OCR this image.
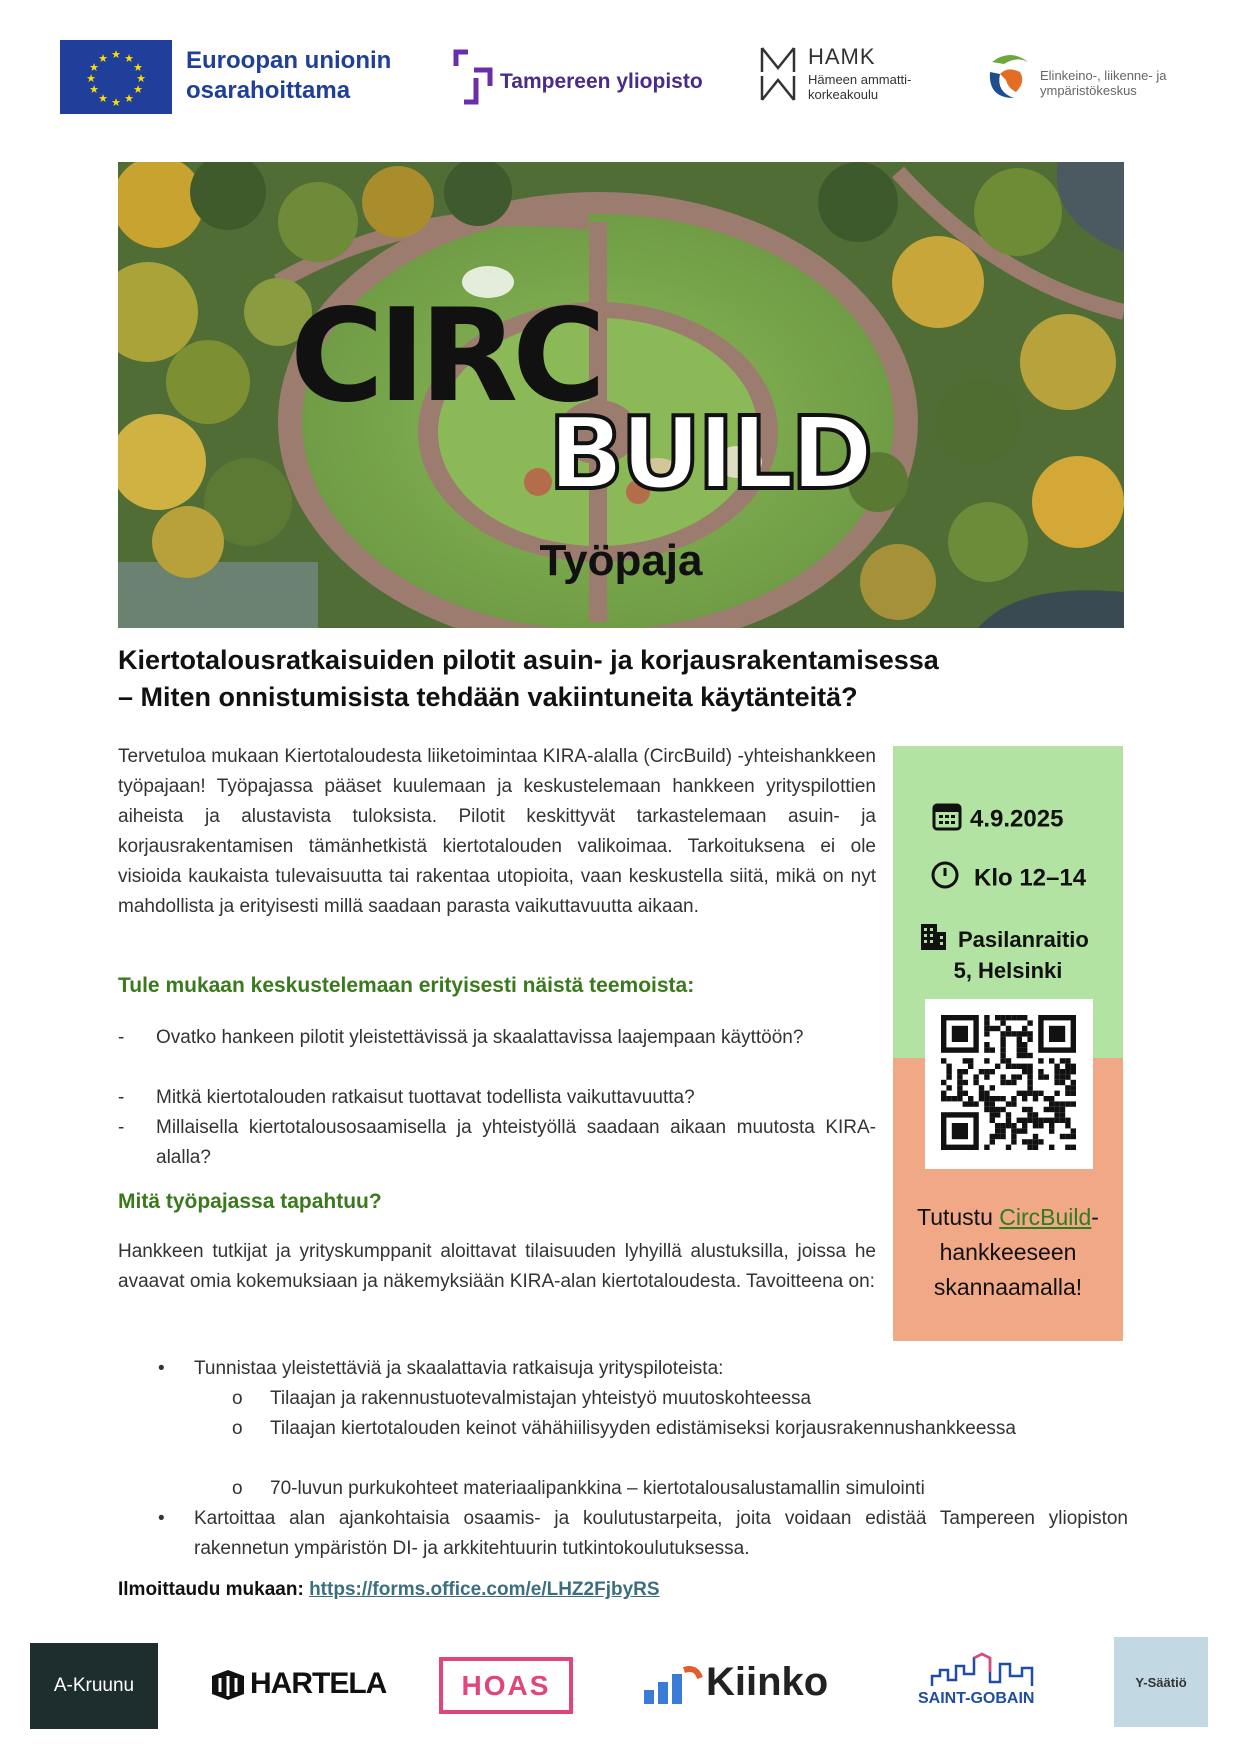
★ ★
★
★
★
★
★
★
★
★
★
★	Euroopan unionin
osarahoittama	Tampereen yliopisto
HAMK
Hämeen ammatti-
korkeakoulu
Elinkeino-, liikenne- ja
ympäristökeskus
CIRC
BUILD
Työpaja
Kiertotalousratkaisuiden pilotit asuin- ja korjausrakentamisessa
– Miten onnistumisista tehdään vakiintuneita käytänteitä?
Tervetuloa mukaan Kiertotaloudesta liiketoimintaa KIRA-alalla (CircBuild) -yhteishankkeen työpajaan! Työpajassa pääset kuulemaan ja keskustelemaan hankkeen yrityspilottien aiheista ja alustavista tuloksista. Pilotit keskittyvät tarkastelemaan asuin- ja korjausrakentamisen tämänhetkistä kiertotalouden valikoimaa. Tarkoituksena ei ole visioida kaukaista tulevaisuutta tai rakentaa utopioita, vaan keskustella siitä, mikä on nyt mahdollista ja erityisesti millä saadaan parasta vaikuttavuutta aikaan.
Tule mukaan keskustelemaan erityisesti näistä teemoista:
- Ovatko hankeen pilotit yleistettävissä ja skaalattavissa laajempaan käyttöön?
- Mitkä kiertotalouden ratkaisut tuottavat todellista vaikuttavuutta?
- Millaisella kiertotalousosaamisella ja yhteistyöllä saadaan aikaan muutosta KIRA-alalla?
Mitä työpajassa tapahtuu?
Hankkeen tutkijat ja yrityskumppanit aloittavat tilaisuuden lyhyillä alustuksilla, joissa he avaavat omia kokemuksiaan ja näkemyksiään KIRA-alan kiertotaloudesta. Tavoitteena on:
• Tunnistaa yleistettäviä ja skaalattavia ratkaisuja yrityspiloteista:
o Tilaajan ja rakennustuotevalmistajan yhteistyö muutoskohteessa
o Tilaajan kiertotalouden keinot vähähiilisyyden edistämiseksi korjausrakennushankkeessa
o 70-luvun purkukohteet materiaalipankkina – kiertotalousalustamallin simulointi
• Kartoittaa alan ajankohtaisia osaamis- ja koulutustarpeita, joita voidaan edistää Tampereen yliopiston rakennetun ympäristön DI- ja arkkitehtuurin tutkintokoulutuksessa.
4.9.2025
Klo 12–14
Pasilanraitio
5, Helsinki
Tutustu CircBuild-
hankkeeseen
skannaamalla!
Ilmoittaudu mukaan: https://forms.office.com/e/LHZ2FjbyRS
A-Kruunu	HARTELA	HOAS	Kiinko	SAINT-GOBAIN
Y-Säätiö
